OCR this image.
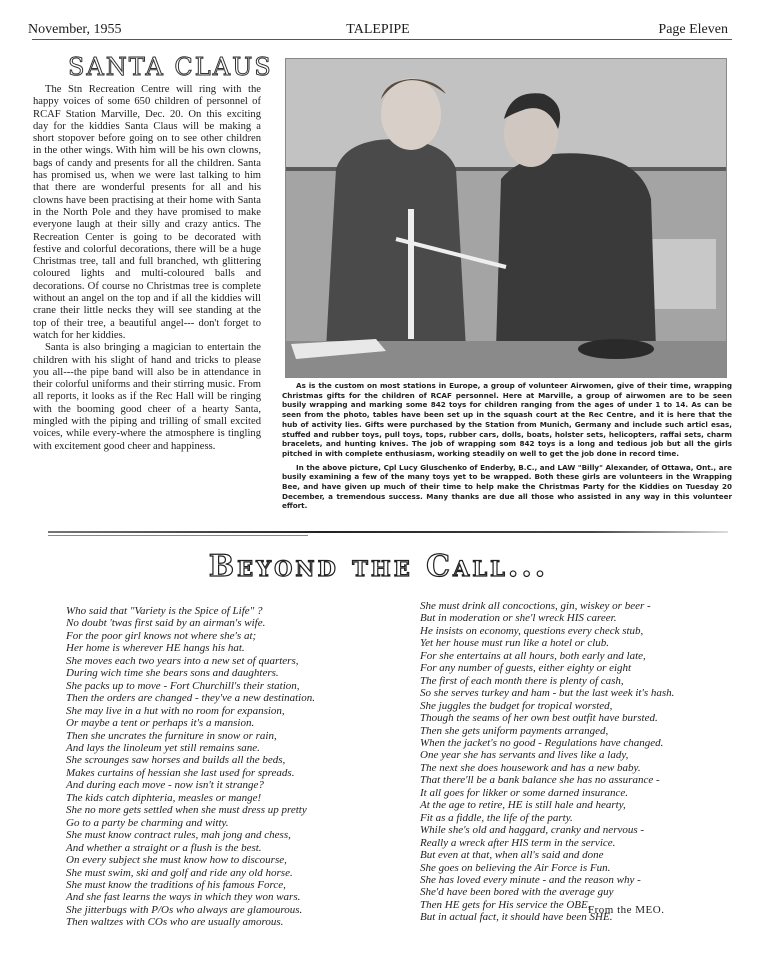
November, 1955	TALEPIPE	Page Eleven
SANTA CLAUS

The Stn Recreation Centre will ring with the happy voices of some 650 children of personnel of RCAF Station Marville, Dec. 20. On this exciting day for the kiddies Santa Claus will be making a short stopover before going on to see other children in the other wings. With him will be his own clowns, bags of candy and presents for all the children. Santa has promised us, when we were last talking to him that there are wonderful presents for all and his clowns have been practising at their home with Santa in the North Pole and they have promised to make everyone laugh at their silly and crazy antics. The Recreation Center is going to be decorated with festive and colorful decorations, there will be a huge Christmas tree, tall and full branched, wth glittering coloured lights and multi-coloured balls and decorations. Of course no Christmas tree is complete without an angel on the top and if all the kiddies will crane their little necks they will see standing at the top of their tree, a beautiful angel--- don't forget to watch for her kiddies.

Santa is also bringing a magician to entertain the children with his slight of hand and tricks to please you all---the pipe band will also be in attendance in their colorful uniforms and their stirring music. From all reports, it looks as if the Rec Hall will be ringing with the booming good cheer of a hearty Santa, mingled with the piping and trilling of small excited voices, while every-where the atmosphere is tingling with excitement good cheer and happiness.

As is the custom on most stations in Europe, a group of volunteer Airwomen, give of their time, wrapping Christmas gifts for the children of RCAF personnel. Here at Marville, a group of airwomen are to be seen busily wrapping and marking some 842 toys for children ranging from the ages of under 1 to 14. As can be seen from the photo, tables have been set up in the squash court at the Rec Centre, and it is here that the hub of activity lies. Gifts were purchased by the Station from Munich, Germany and include such articl esas, stuffed and rubber toys, pull toys, tops, rubber cars, dolls, boats, holster sets, helicopters, raffai sets, charm bracelets, and hunting knives. The job of wrapping som 842 toys is a long and tedious job but all the girls pitched in with complete enthusiasm, working steadily on well to get the job done in record time.

In the above picture, Cpl Lucy Gluschenko of Enderby, B.C., and LAW "Billy" Alexander, of Ottawa, Ont., are busily examining a few of the many toys yet to be wrapped. Both these girls are volunteers in the Wrapping Bee, and have given up much of their time to help make the Christmas Party for the Kiddies on Tuesday 20 December, a tremendous success. Many thanks are due all those who assisted in any way in this volunteer effort.

Beyond the Call...
Who said that "Variety is the Spice of Life" ?
No doubt 'twas first said by an airman's wife.
For the poor girl knows not where she's at;
Her home is wherever HE hangs his hat.
She moves each two years into a new set of quarters,
During wich time she bears sons and daughters.
She packs up to move - Fort Churchill's their station,
Then the orders are changed - they've a new destination.
She may live in a hut with no room for expansion,
Or maybe a tent or perhaps it's a mansion.
Then she uncrates the furniture in snow or rain,
And lays the linoleum yet still remains sane.
She scrounges saw horses and builds all the beds,
Makes curtains of hessian she last used for spreads.
And during each move - now isn't it strange?
The kids catch diphteria, measles or mange!
She no more gets settled when she must dress up pretty
Go to a party be charming and witty.
She must know contract rules, mah jong and chess,
And whether a straight or a flush is the best.
On every subject she must know how to discourse,
She must swim, ski and golf and ride any old horse.
She must know the traditions of his famous Force,
And she fast learns the ways in which they won wars.
She jitterbugs with P/Os who always are glamourous.
Then waltzes with COs who are usually amorous.
She must drink all concoctions, gin, wiskey or beer -
But in moderation or she'l wreck HIS career.
He insists on economy, questions every check stub,
Yet her house must run like a hotel or club.
For she entertains at all hours, both early and late,
For any number of guests, either eighty or eight
The first of each month there is plenty of cash,
So she serves turkey and ham - but the last week it's hash.
She juggles the budget for tropical worsted,
Though the seams of her own best outfit have bursted.
Then she gets uniform payments arranged,
When the jacket's no good - Regulations have changed.
One year she has servants and lives like a lady,
The next she does housework and has a new baby.
That there'll be a bank balance she has no assurance -
It all goes for likker or some darned insurance.
At the age to retire, HE is still hale and hearty,
Fit as a fiddle, the life of the party.
While she's old and haggard, cranky and nervous -
Really a wreck after HIS term in the service.
But even at that, when all's said and done
She goes on believing the Air Force is Fun.
She has loved every minute - and the reason why -
She'd have been bored with the average guy
Then HE gets for His service the OBE,
But in actual fact, it should have been SHE.
From the MEO.
